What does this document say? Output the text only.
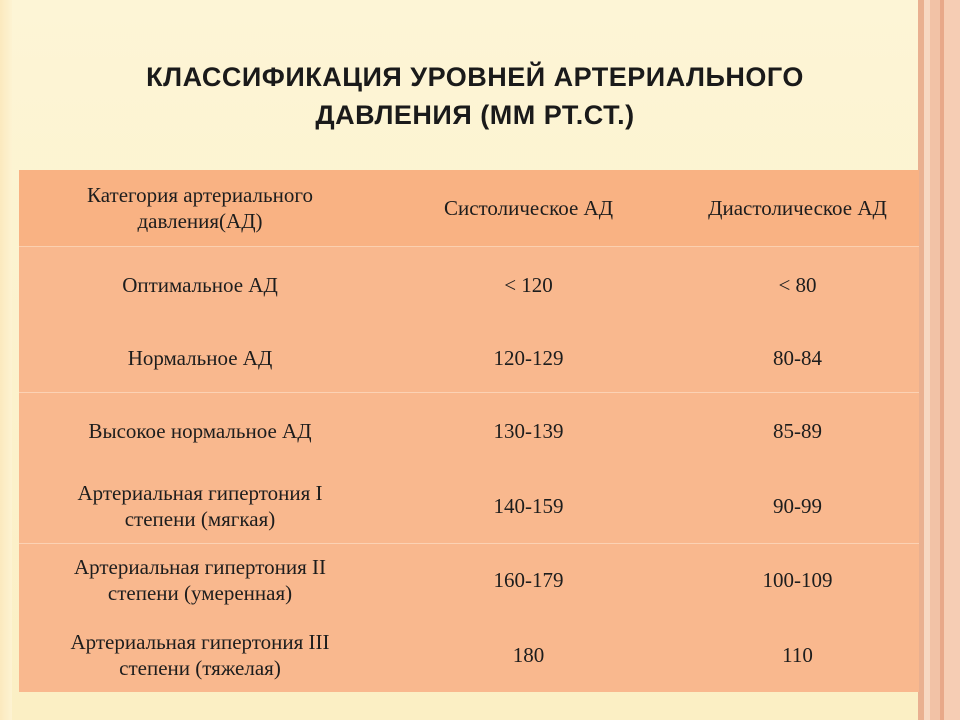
КЛАССИФИКАЦИЯ УРОВНЕЙ АРТЕРИАЛЬНОГО
ДАВЛЕНИЯ (ММ РТ.СТ.)
Категория артериального
давления(АД)	Систолическое АД	Диастолическое АД
Оптимальное АД	< 120	< 80
Нормальное АД	120-129	80-84
Высокое нормальное АД	130-139	85-89

Артериальная гипертония I
степени (мягкая)	140-159	90-99

Артериальная гипертония II
степени (умеренная)	160-179	100-109

Артериальная гипертония III
степени (тяжелая)	180	110
